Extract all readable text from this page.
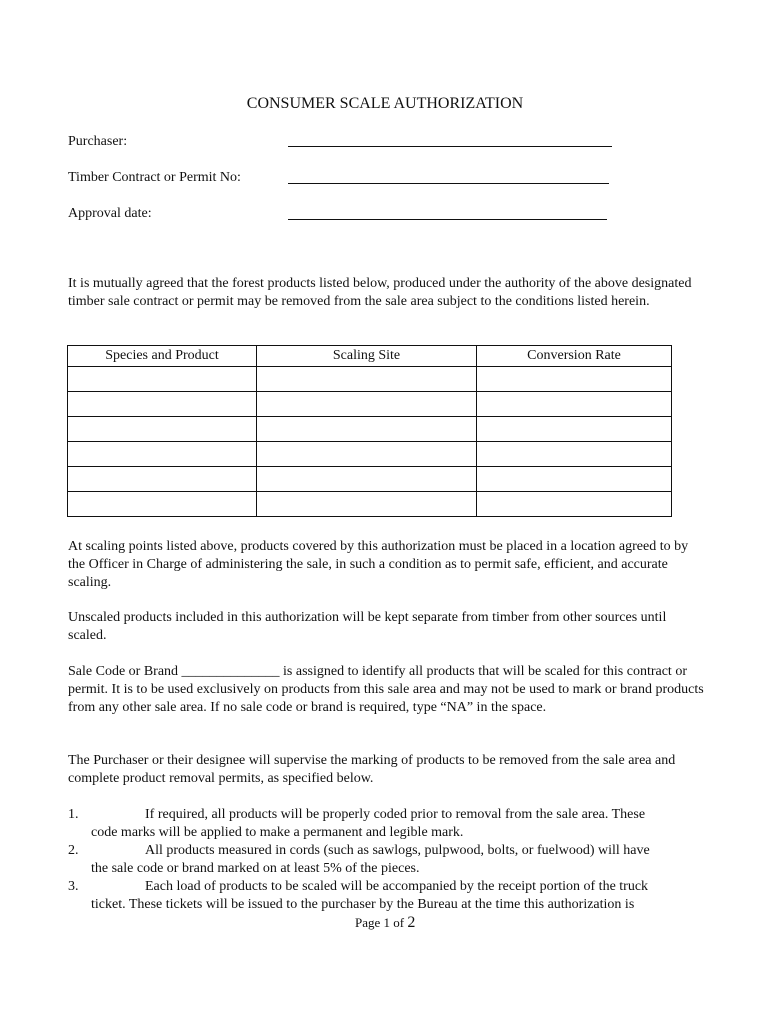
CONSUMER SCALE AUTHORIZATION
Purchaser:
Timber Contract or Permit No:
Approval date:
It is mutually agreed that the forest products listed below, produced under the authority of the above designated timber sale contract or permit may be removed from the sale area subject to the conditions listed herein.
Species and Product	Scaling Site	Conversion Rate

At scaling points listed above, products covered by this authorization must be placed in a location agreed to by the Officer in Charge of administering the sale, in such a condition as to permit safe, efficient, and accurate scaling.
Unscaled products included in this authorization will be kept separate from timber from other sources until scaled.
Sale Code or Brand ______________ is assigned to identify all products that will be scaled for this contract or permit. It is to be used exclusively on products from this sale area and may not be used to mark or brand products from any other sale area. If no sale code or brand is required, type “NA” in the space.
The Purchaser or their designee will supervise the marking of products to be removed from the sale area and complete product removal permits, as specified below.
1.	If required, all products will be properly coded prior to removal from the sale area. These
code marks will be applied to make a permanent and legible mark.
2.	All products measured in cords (such as sawlogs, pulpwood, bolts, or fuelwood) will have
the sale code or brand marked on at least 5% of the pieces.
3.	Each load of products to be scaled will be accompanied by the receipt portion of the truck
ticket. These tickets will be issued to the purchaser by the Bureau at the time this authorization is
Page 1 of 2
